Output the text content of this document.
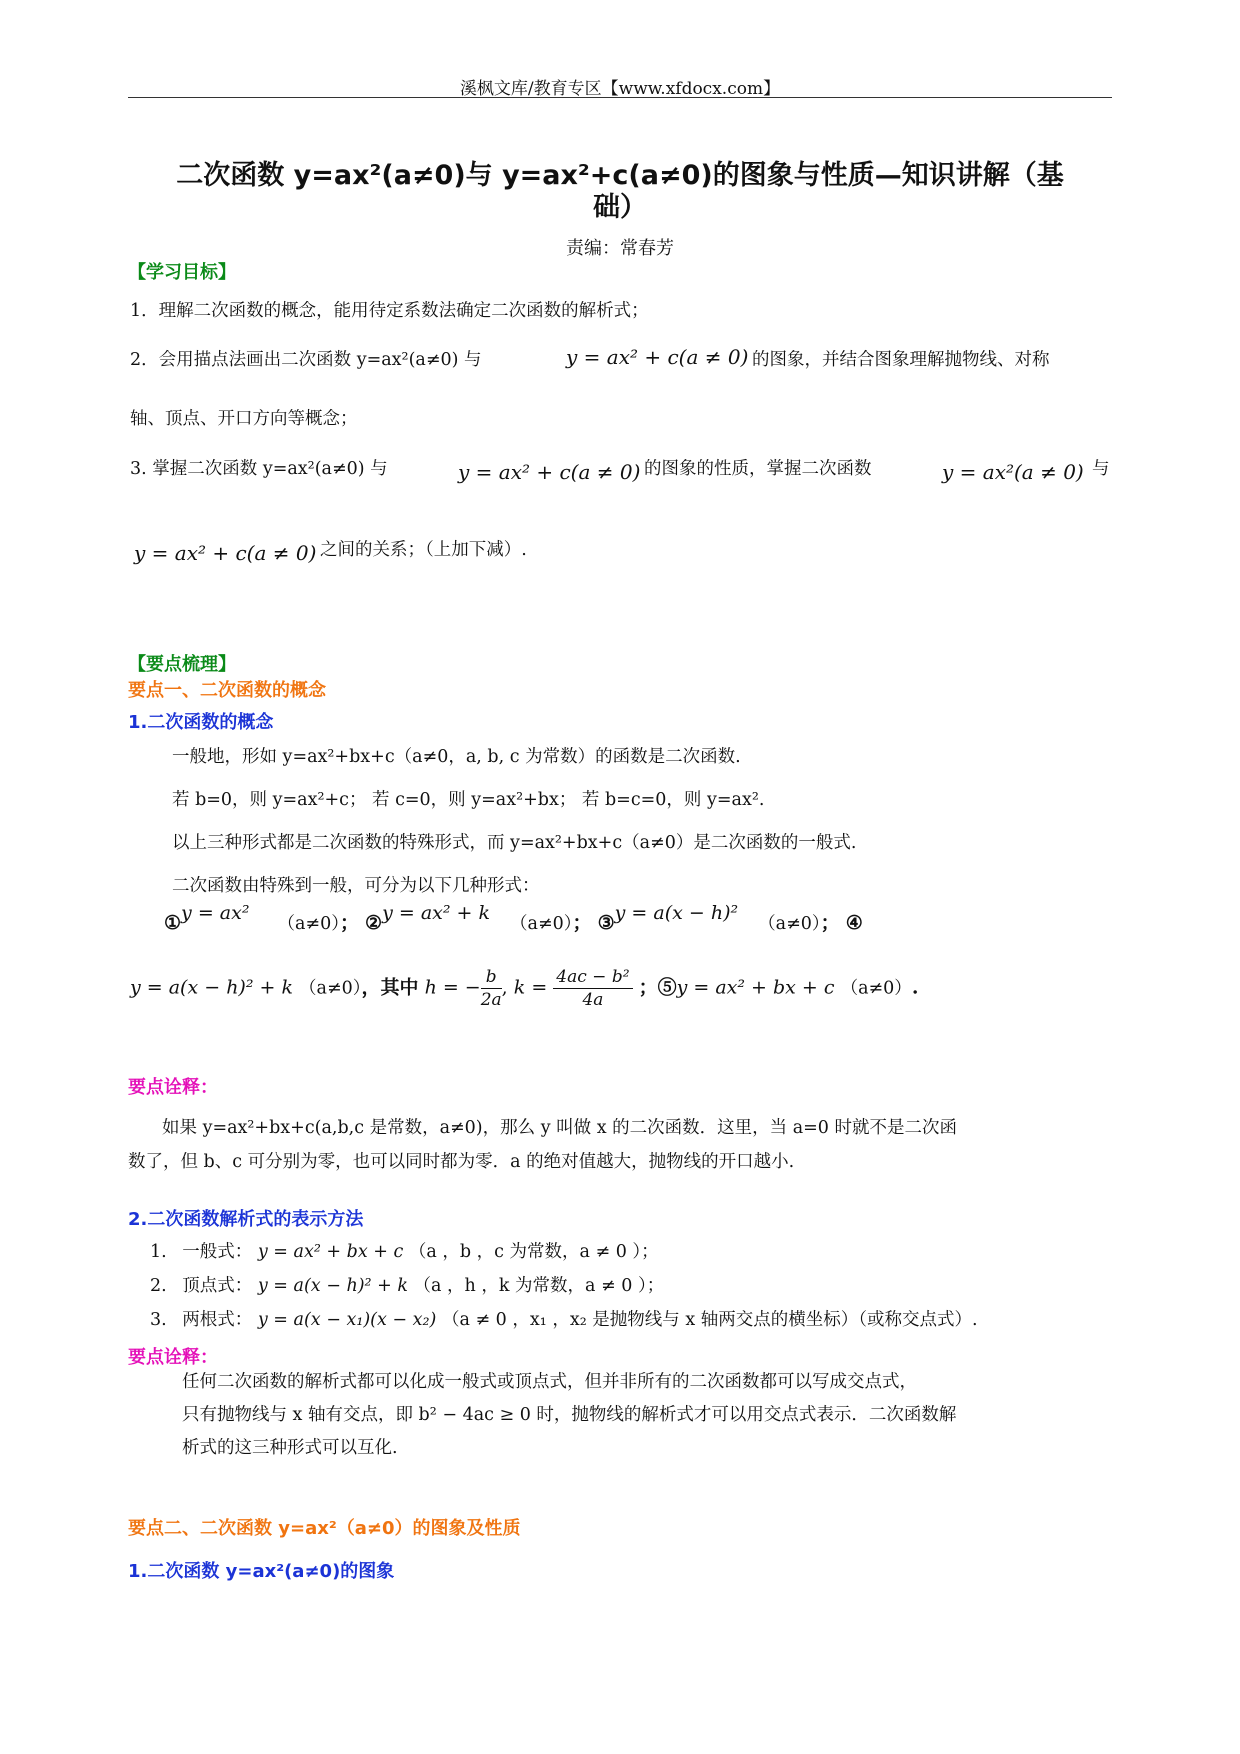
溪枫文库/教育专区【www.xfdocx.com】
二次函数 y=ax²(a≠0)与 y=ax²+c(a≠0)的图象与性质—知识讲解（基
础）
责编：常春芳
【学习目标】
1．理解二次函数的概念，能用待定系数法确定二次函数的解析式；
2．会用描点法画出二次函数 y=ax²(a≠0) 与	y = ax² + c(a ≠ 0) 的图象，并结合图象理解抛物线、对称
轴、顶点、开口方向等概念；
3. 掌握二次函数 y=ax²(a≠0) 与	y = ax² + c(a ≠ 0) 的图象的性质，掌握二次函数	y = ax²(a ≠ 0) 与
y = ax² + c(a ≠ 0) 之间的关系；（上加下减）.
【要点梳理】
要点一、二次函数的概念
1.二次函数的概念
一般地，形如 y=ax²+bx+c（a≠0，a, b, c 为常数）的函数是二次函数.
若 b=0，则 y=ax²+c； 若 c=0，则 y=ax²+bx； 若 b=c=0，则 y=ax².
以上三种形式都是二次函数的特殊形式，而 y=ax²+bx+c（a≠0）是二次函数的一般式.
二次函数由特殊到一般，可分为以下几种形式：
①y = ax² （a≠0）； ②y = ax² + k （a≠0）； ③y = a(x − h)² （a≠0）； ④
y = a(x − h)² + k （a≠0），其中 h = − $\frac{b}{2a}$ , $k = \frac{\text{4ac − b²}}{4a}$ ；⑤y = ax² + bx + c （a≠0）.
要点诠释：
如果 y=ax²+bx+c(a,b,c 是常数，a≠0)，那么 y 叫做 x 的二次函数．这里，当 a=0 时就不是二次函
数了，但 b、c 可分别为零，也可以同时都为零．a 的绝对值越大，抛物线的开口越小.
2.二次函数解析式的表示方法
1. 一般式： y = ax² + bx + c （a ，b ，c 为常数，a ≠ 0 ）；
2. 顶点式： y = a(x − h)² + k （a ，h ，k 为常数，a ≠ 0 ）；
3. 两根式： y = a(x − x₁)(x − x₂) （a ≠ 0 ，x₁ ，x₂ 是抛物线与 x 轴两交点的横坐标）（或称交点式）.
要点诠释：
任何二次函数的解析式都可以化成一般式或顶点式，但并非所有的二次函数都可以写成交点式，
只有抛物线与 x 轴有交点，即 b² − 4ac ≥ 0 时，抛物线的解析式才可以用交点式表示．二次函数解
析式的这三种形式可以互化.
要点二、二次函数 y=ax²（a≠0）的图象及性质
1.二次函数 y=ax²(a≠0)的图象
